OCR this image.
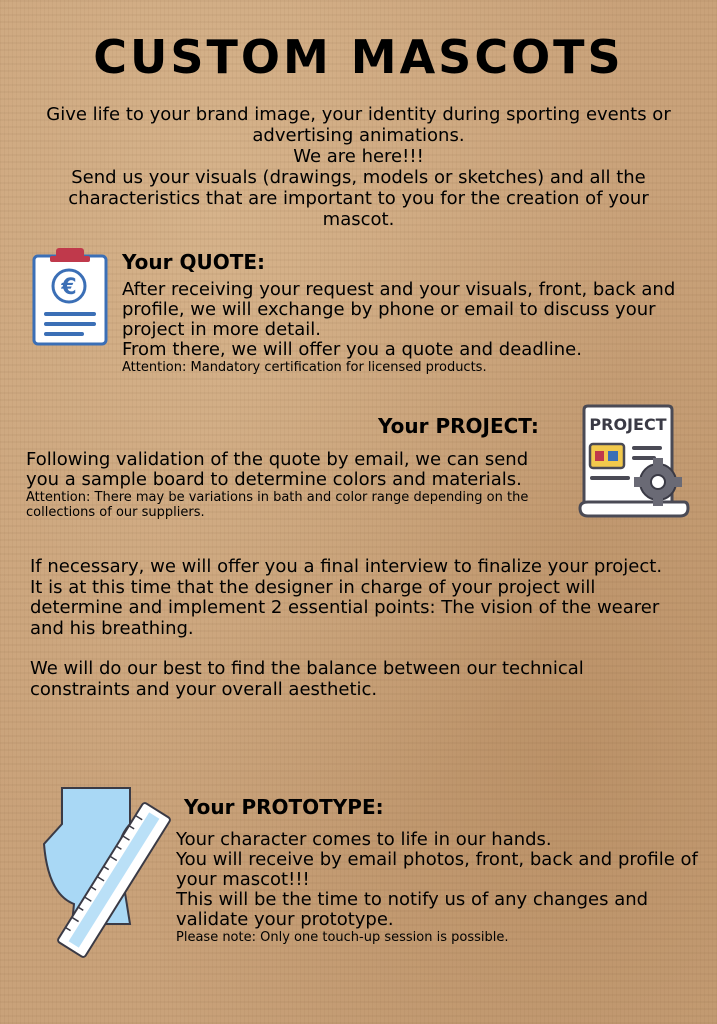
CUSTOM MASCOTS

Give life to your brand image, your identity during sporting events or advertising animations.

We are here!!!

Send us your visuals (drawings, models or sketches) and all the characteristics that are important to you for the creation of your mascot.

€

Your QUOTE:

After receiving your request and your visuals, front, back and profile, we will exchange by phone or email to discuss your project in more detail.

From there, we will offer you a quote and deadline.

Attention: Mandatory certification for licensed products.

PROJECT

Your PROJECT:

Following validation of the quote by email, we can send you a sample board to determine colors and materials.

Attention: There may be variations in bath and color range depending on the collections of our suppliers.

If necessary, we will offer you a final interview to finalize your project. It is at this time that the designer in charge of your project will determine and implement 2 essential points: The vision of the wearer and his breathing.

We will do our best to find the balance between our technical constraints and your overall aesthetic.

Your PROTOTYPE:

Your character comes to life in our hands.

You will receive by email photos, front, back and profile of your mascot!!!

This will be the time to notify us of any changes and validate your prototype.

Please note: Only one touch-up session is possible.
